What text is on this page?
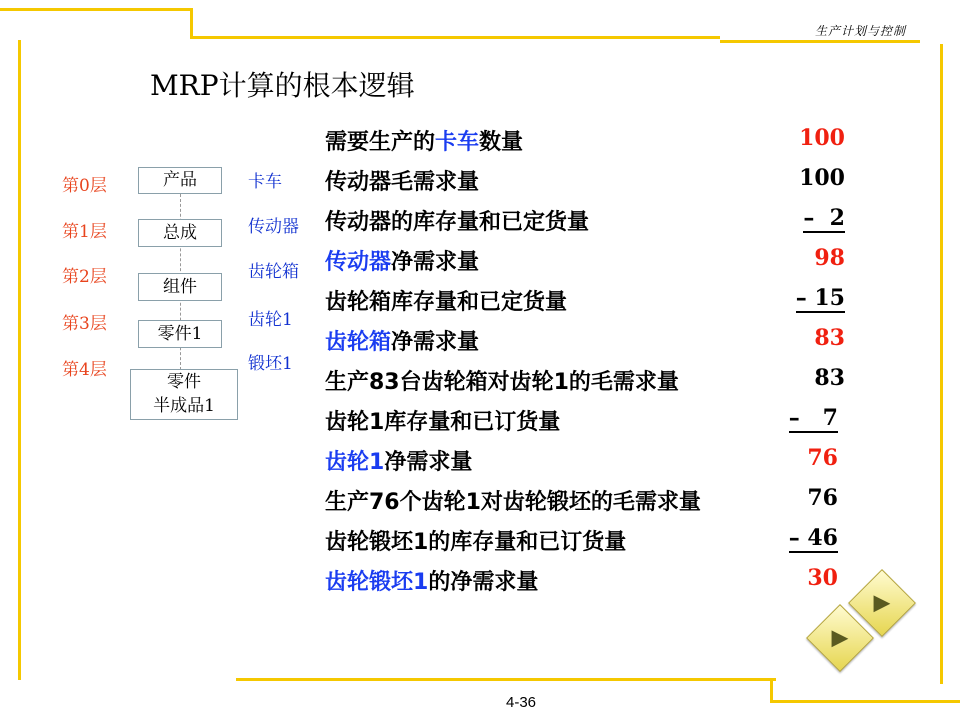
生产计划与控制
MRP计算的根本逻辑
第0层
第1层
第2层
第3层
第4层
产品
总成
组件
零件1
零件
半成品1
卡车
传动器
齿轮箱
齿轮1
锻坯1
需要生产的卡车数量	100
传动器毛需求量	100
传动器的库存量和已定货量	–  2
传动器净需求量	98
齿轮箱库存量和已定货量	– 15
齿轮箱净需求量	83
生产83台齿轮箱对齿轮1的毛需求量	83
齿轮1库存量和已订货量	–   7
齿轮1净需求量	76
生产76个齿轮1对齿轮锻坯的毛需求量	76
齿轮锻坯1的库存量和已订货量	– 46
齿轮锻坯1的净需求量	30
4-36
▶
▶
